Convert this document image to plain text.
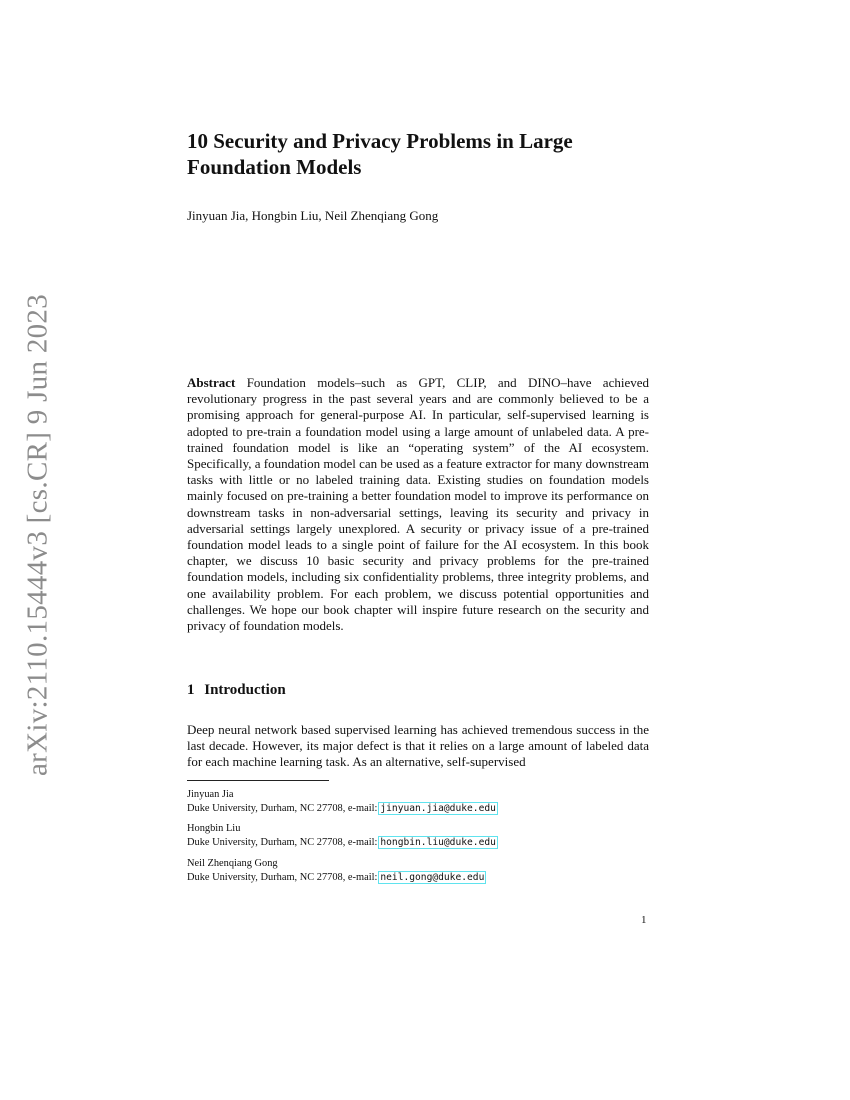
arXiv:2110.15444v3 [cs.CR] 9 Jun 2023
10 Security and Privacy Problems in Large
Foundation Models

Jinyuan Jia, Hongbin Liu, Neil Zhenqiang Gong

Abstract Foundation models–such as GPT, CLIP, and DINO–have achieved revolutionary progress in the past several years and are commonly believed to be a promising approach for general-purpose AI. In particular, self-supervised learning is adopted to pre-train a foundation model using a large amount of unlabeled data. A pre-trained foundation model is like an “operating system” of the AI ecosystem. Specifically, a foundation model can be used as a feature extractor for many downstream tasks with little or no labeled training data. Existing studies on foundation models mainly focused on pre-training a better foundation model to improve its performance on downstream tasks in non-adversarial settings, leaving its security and privacy in adversarial settings largely unexplored. A security or privacy issue of a pre-trained foundation model leads to a single point of failure for the AI ecosystem. In this book chapter, we discuss 10 basic security and privacy problems for the pre-trained foundation models, including six confidentiality problems, three integrity problems, and one availability problem. For each problem, we discuss potential opportunities and challenges. We hope our book chapter will inspire future research on the security and privacy of foundation models.

1 Introduction

Deep neural network based supervised learning has achieved tremendous success in the last decade. However, its major defect is that it relies on a large amount of labeled data for each machine learning task. As an alternative, self-supervised

Jinyuan Jia
Duke University, Durham, NC 27708, e-mail: jinyuan.jia@duke.edu
Hongbin Liu
Duke University, Durham, NC 27708, e-mail: hongbin.liu@duke.edu
Neil Zhenqiang Gong
Duke University, Durham, NC 27708, e-mail: neil.gong@duke.edu

1
